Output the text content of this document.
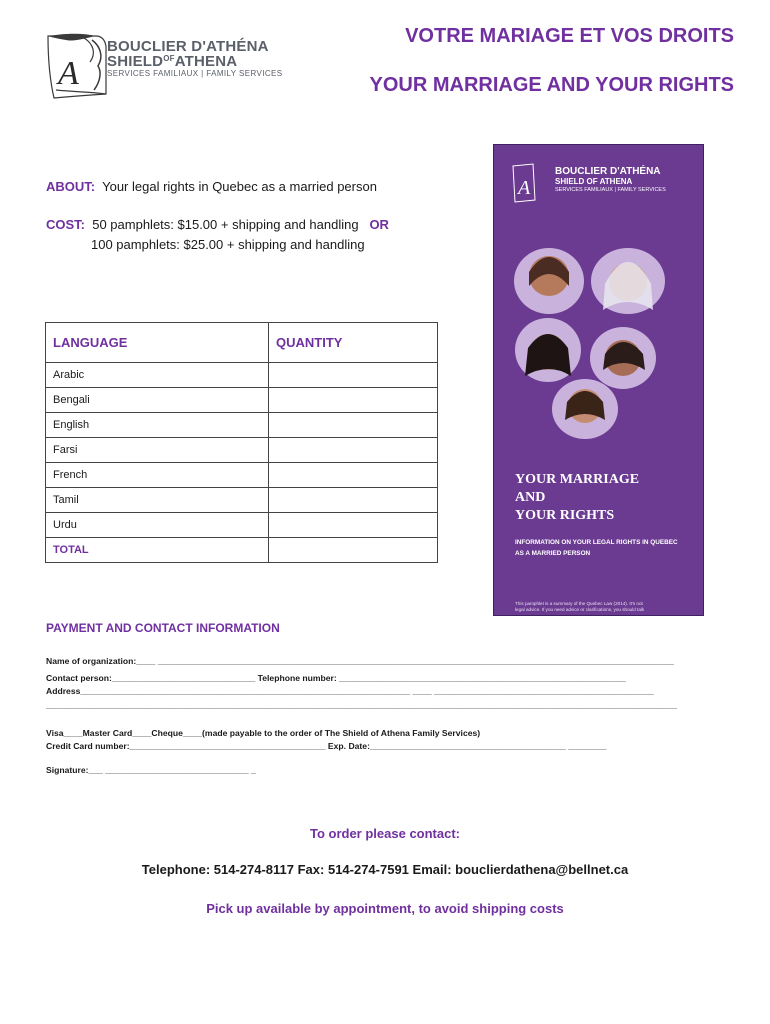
A
BOUCLIER D'ATHÉNA
$SHIELD^{OF}ATHENA$
SERVICES FAMILIAUX | FAMILY SERVICES
VOTRE MARIAGE ET VOS DROITS
YOUR MARRIAGE AND YOUR RIGHTS
ABOUT: Your legal rights in Quebec as a married person
COST: 50 pamphlets: $15.00 + shipping and handling OR
100 pamphlets: $25.00 + shipping and handling
LANGUAGE	QUANTITY
Arabic	
Bengali	
English	
Farsi	
French	
Tamil	
Urdu	
TOTAL	
A
BOUCLIER D'ATHÉNA
SHIELD OF ATHENA
SERVICES FAMILIAUX | FAMILY SERVICES
YOUR MARRIAGE
AND
YOUR RIGHTS
INFORMATION ON YOUR LEGAL RIGHTS IN QUEBEC
AS A MARRIED PERSON
This pamphlet is a summary of the Quebec Law (2014). It's not
legal advice. If you need advice or clarifications, you should talk
PAYMENT AND CONTACT INFORMATION
Name of organization:____ ____________________________________________________________________________________________________________
Contact person:______________________________ Telephone number: ____________________________________________________________
Address_____________________________________________________________________ ____ ______________________________________________
____________________________________________________________________________________________________________________________________
Visa____Master Card____Cheque____(made payable to the order of The Shield of Athena Family Services)
Credit Card number:_________________________________________ Exp. Date:_________________________________________ ________
Signature:___ ______________________________ _
To order please contact:
Telephone: 514-274-8117 Fax: 514-274-7591 Email: bouclierdathena@bellnet.ca
Pick up available by appointment, to avoid shipping costs
